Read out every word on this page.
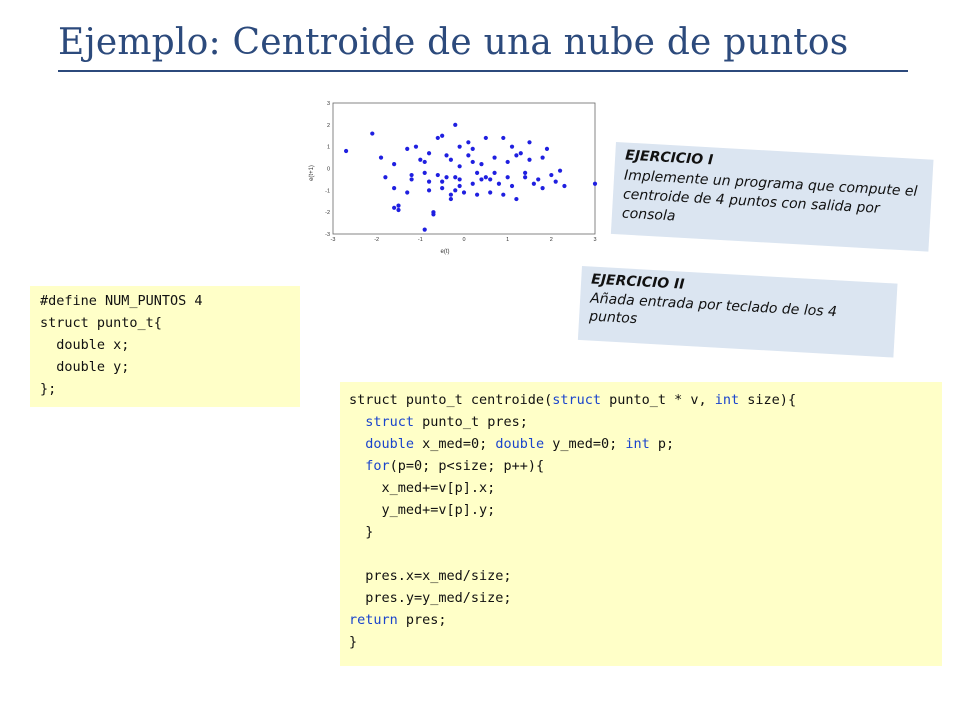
Ejemplo: Centroide de una nube de puntos
3
2
1
0
-1
-2
-3
-3	-2	-1	0	1	2	3
e(t+1)
e(t)
EJERCICIO I
Implemente un programa que compute el centroide de 4 puntos con salida por consola
EJERCICIO II
Añada entrada por teclado de los 4 puntos
#define NUM_PUNTOS 4
struct punto_t{
double x;
double y;
};
struct punto_t centroide(struct punto_t * v, int size){
struct punto_t pres;
double x_med=0; double y_med=0; int p;
for(p=0; p<size; p++){
x_med+=v[p].x;
y_med+=v[p].y;
}
pres.x=x_med/size;
pres.y=y_med/size;
return pres;
}
